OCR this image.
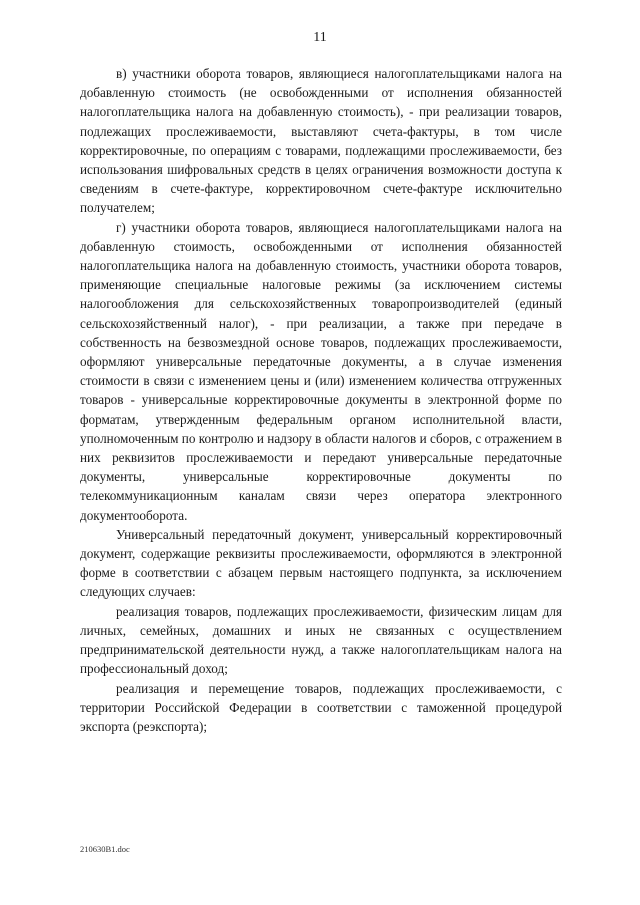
11

в) участники оборота товаров, являющиеся налогоплательщиками налога на добавленную стоимость (не освобожденными от исполнения обязанностей налогоплательщика налога на добавленную стоимость), - при реализации товаров, подлежащих прослеживаемости, выставляют счета-фактуры, в том числе корректировочные, по операциям с товарами, подлежащими прослеживаемости, без использования шифровальных средств в целях ограничения возможности доступа к сведениям в счете-фактуре, корректировочном счете-фактуре исключительно получателем;

г) участники оборота товаров, являющиеся налогоплательщиками налога на добавленную стоимость, освобожденными от исполнения обязанностей налогоплательщика налога на добавленную стоимость, участники оборота товаров, применяющие специальные налоговые режимы (за исключением системы налогообложения для сельскохозяйственных товаропроизводителей (единый сельскохозяйственный налог), - при реализации, а также при передаче в собственность на безвозмездной основе товаров, подлежащих прослеживаемости, оформляют универсальные передаточные документы, а в случае изменения стоимости в связи с изменением цены и (или) изменением количества отгруженных товаров - универсальные корректировочные документы в электронной форме по форматам, утвержденным федеральным органом исполнительной власти, уполномоченным по контролю и надзору в области налогов и сборов, с отражением в них реквизитов прослеживаемости и передают универсальные передаточные документы, универсальные корректировочные документы по телекоммуникационным каналам связи через оператора электронного документооборота.

Универсальный передаточный документ, универсальный корректировочный документ, содержащие реквизиты прослеживаемости, оформляются в электронной форме в соответствии с абзацем первым настоящего подпункта, за исключением следующих случаев:

реализация товаров, подлежащих прослеживаемости, физическим лицам для личных, семейных, домашних и иных не связанных с осуществлением предпринимательской деятельности нужд, а также налогоплательщикам налога на профессиональный доход;

реализация и перемещение товаров, подлежащих прослеживаемости, с территории Российской Федерации в соответствии с таможенной процедурой экспорта (реэкспорта);

210630B1.doc
